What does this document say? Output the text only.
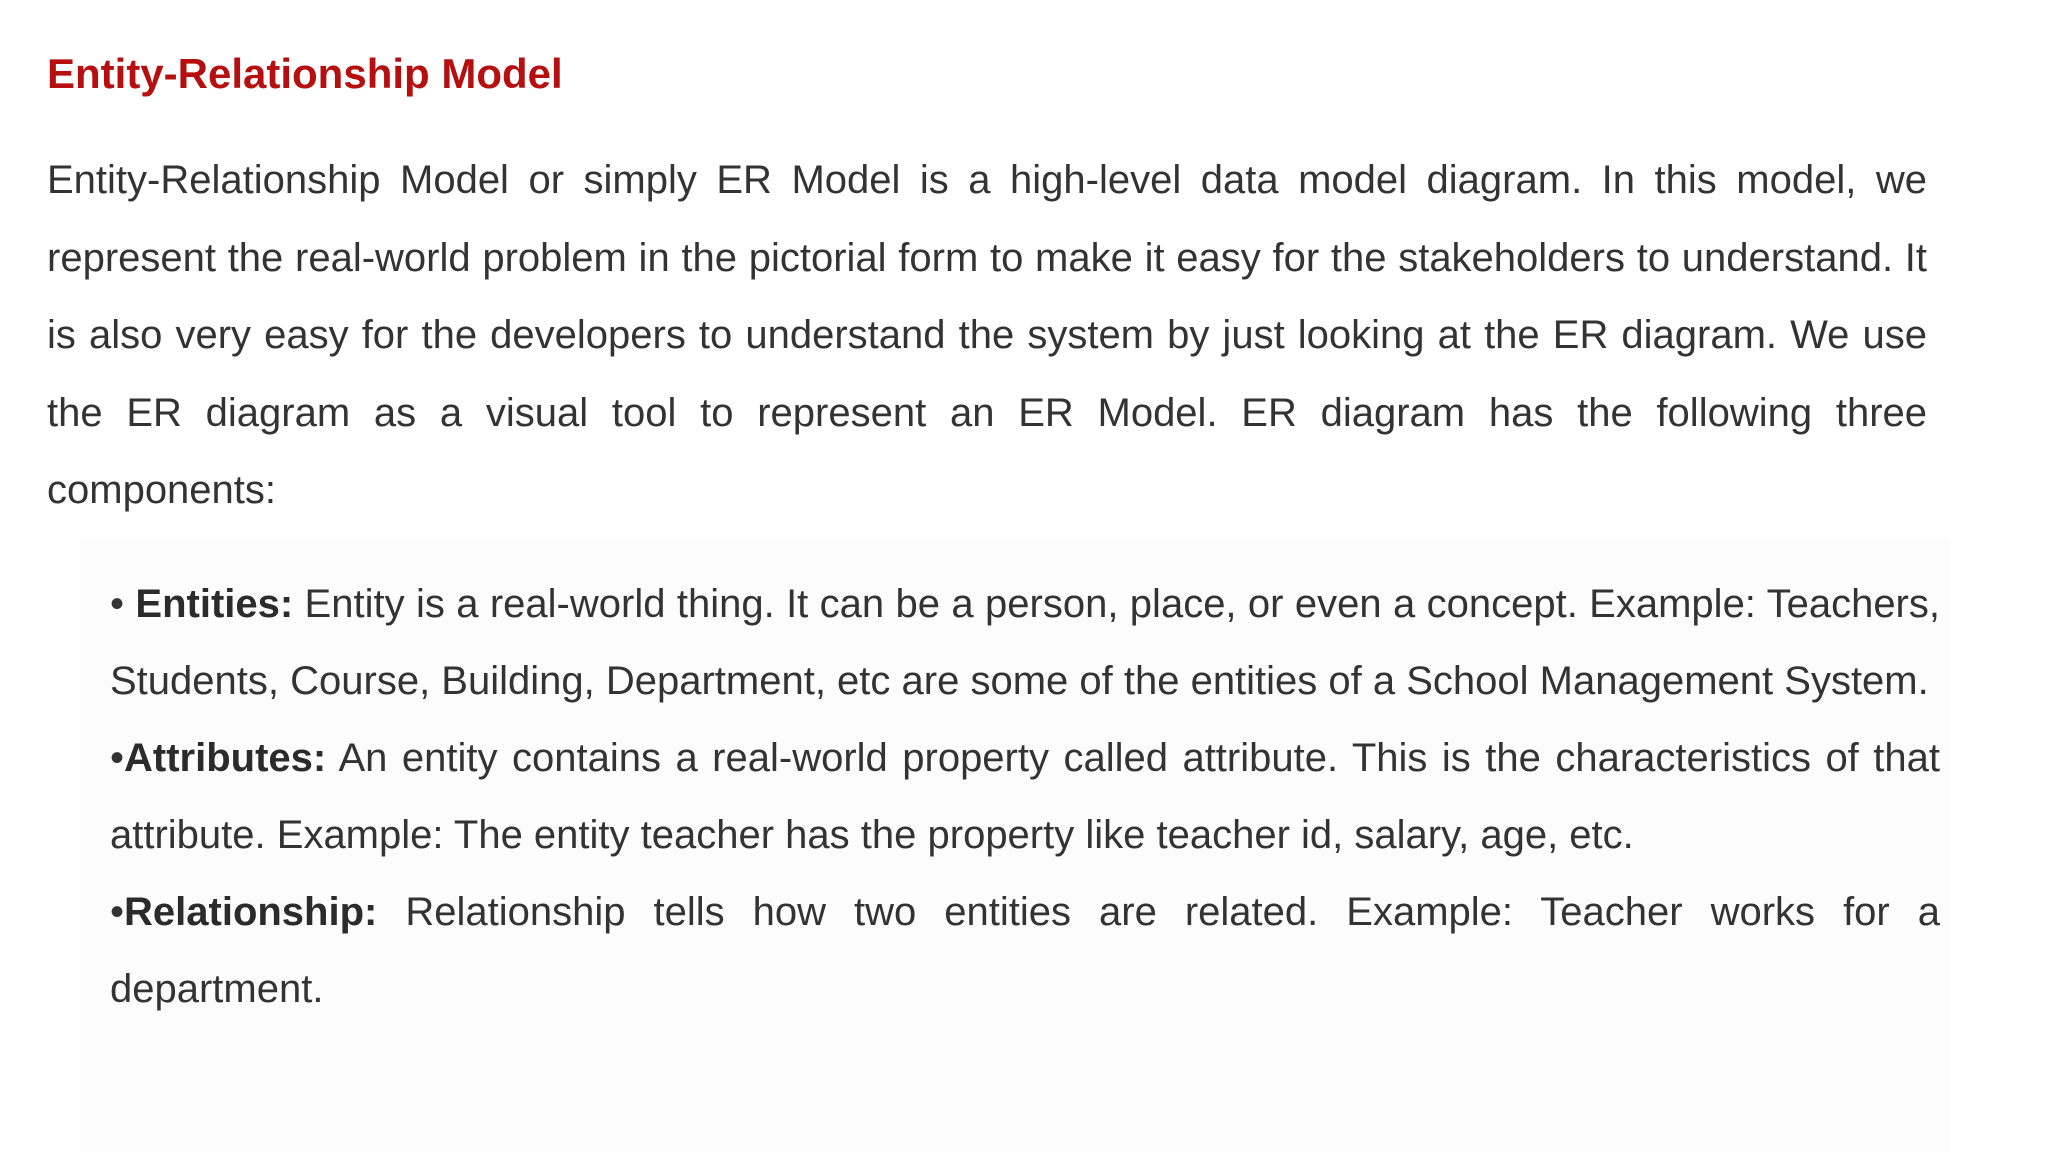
Entity-Relationship Model

Entity-Relationship Model or simply ER Model is a high-level data model diagram. In this model, we represent the real-world problem in the pictorial form to make it easy for the stakeholders to understand. It is also very easy for the developers to understand the system by just looking at the ER diagram. We use the ER diagram as a visual tool to represent an ER Model. ER diagram has the following three components:

• Entities: Entity is a real-world thing. It can be a person, place, or even a concept. Example: Teachers, Students, Course, Building, Department, etc are some of the entities of a School Management System.
•Attributes: An entity contains a real-world property called attribute. This is the characteristics of that attribute. Example: The entity teacher has the property like teacher id, salary, age, etc.
•Relationship: Relationship tells how two entities are related. Example: Teacher works for a department.
